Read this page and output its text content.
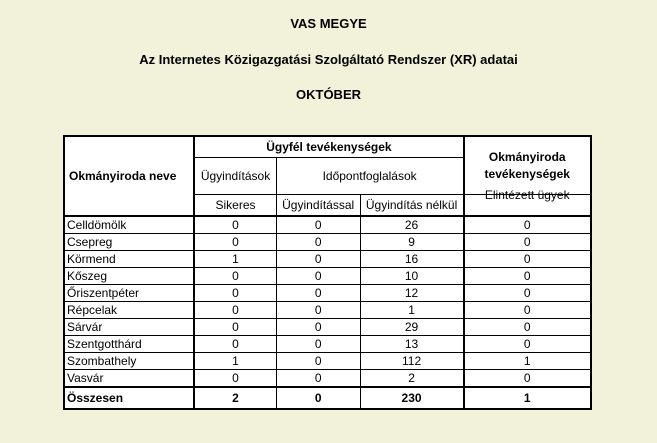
VAS MEGYE
Az Internetes Közigazgatási Szolgáltató Rendszer (XR) adatai
OKTÓBER
Okmányiroda neve	Ügyfél tevékenységek			Okmányiroda tevékenységek
	Ügyindítások	Időpontfoglalások		
	Sikeres	Ügyindítással	Ügyindítás nélkül	Elintézett ügyek
Celldömölk	0	0	26	0
Csepreg	0	0	9	0
Körmend	1	0	16	0
Kőszeg	0	0	10	0
Őriszentpéter	0	0	12	0
Répcelak	0	0	1	0
Sárvár	0	0	29	0
Szentgotthárd	0	0	13	0
Szombathely	1	0	112	1
Vasvár	0	0	2	0
Összesen	2	0	230	1
